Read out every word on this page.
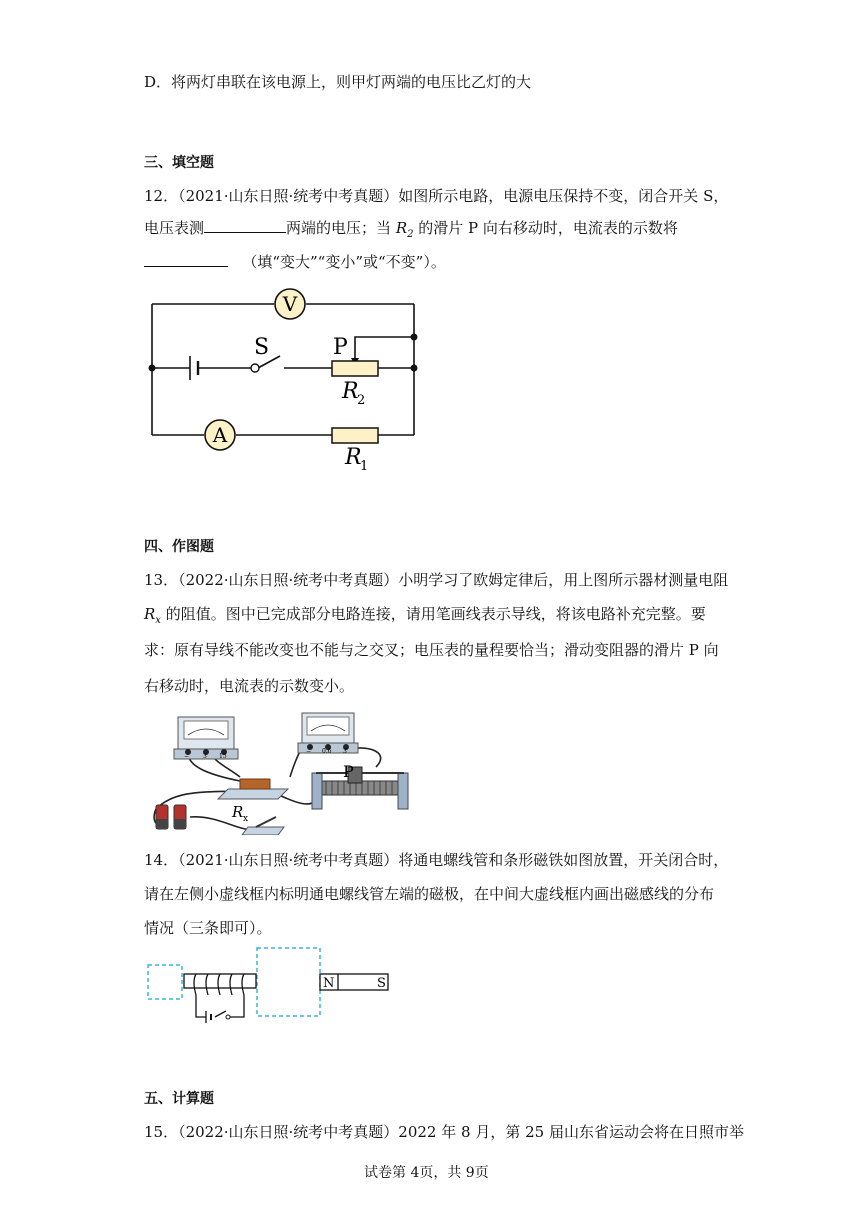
D．将两灯串联在该电源上，则甲灯两端的电压比乙灯的大
三、填空题
12．（2021·山东日照·统考中考真题）如图所示电路，电源电压保持不变，闭合开关 S，
电压表测	两端的电压；当 $R_2$ 的滑片 P 向右移动时，电流表的示数将
（填“变大”“变小”或“不变”）。
V
A
S	P
R
2
R
1
四、作图题
13．（2022·山东日照·统考中考真题）小明学习了欧姆定律后，用上图所示器材测量电阻
$R_x$ 的阻值。图中已完成部分电路连接，请用笔画线表示导线，将该电路补充完整。要
求：原有导线不能改变也不能与之交叉；电压表的量程要恰当；滑动变阻器的滑片 P 向
右移动时，电流表的示数变小。
− 3 15
− 0.6 3
R x
P
14．（2021·山东日照·统考中考真题）将通电螺线管和条形磁铁如图放置，开关闭合时，
请在左侧小虚线框内标明通电螺线管左端的磁极，在中间大虚线框内画出磁感线的分布
情况（三条即可）。
N	S
五、计算题
15．（2022·山东日照·统考中考真题）2022 年 8 月，第 25 届山东省运动会将在日照市举
试卷第 4页，共 9页
